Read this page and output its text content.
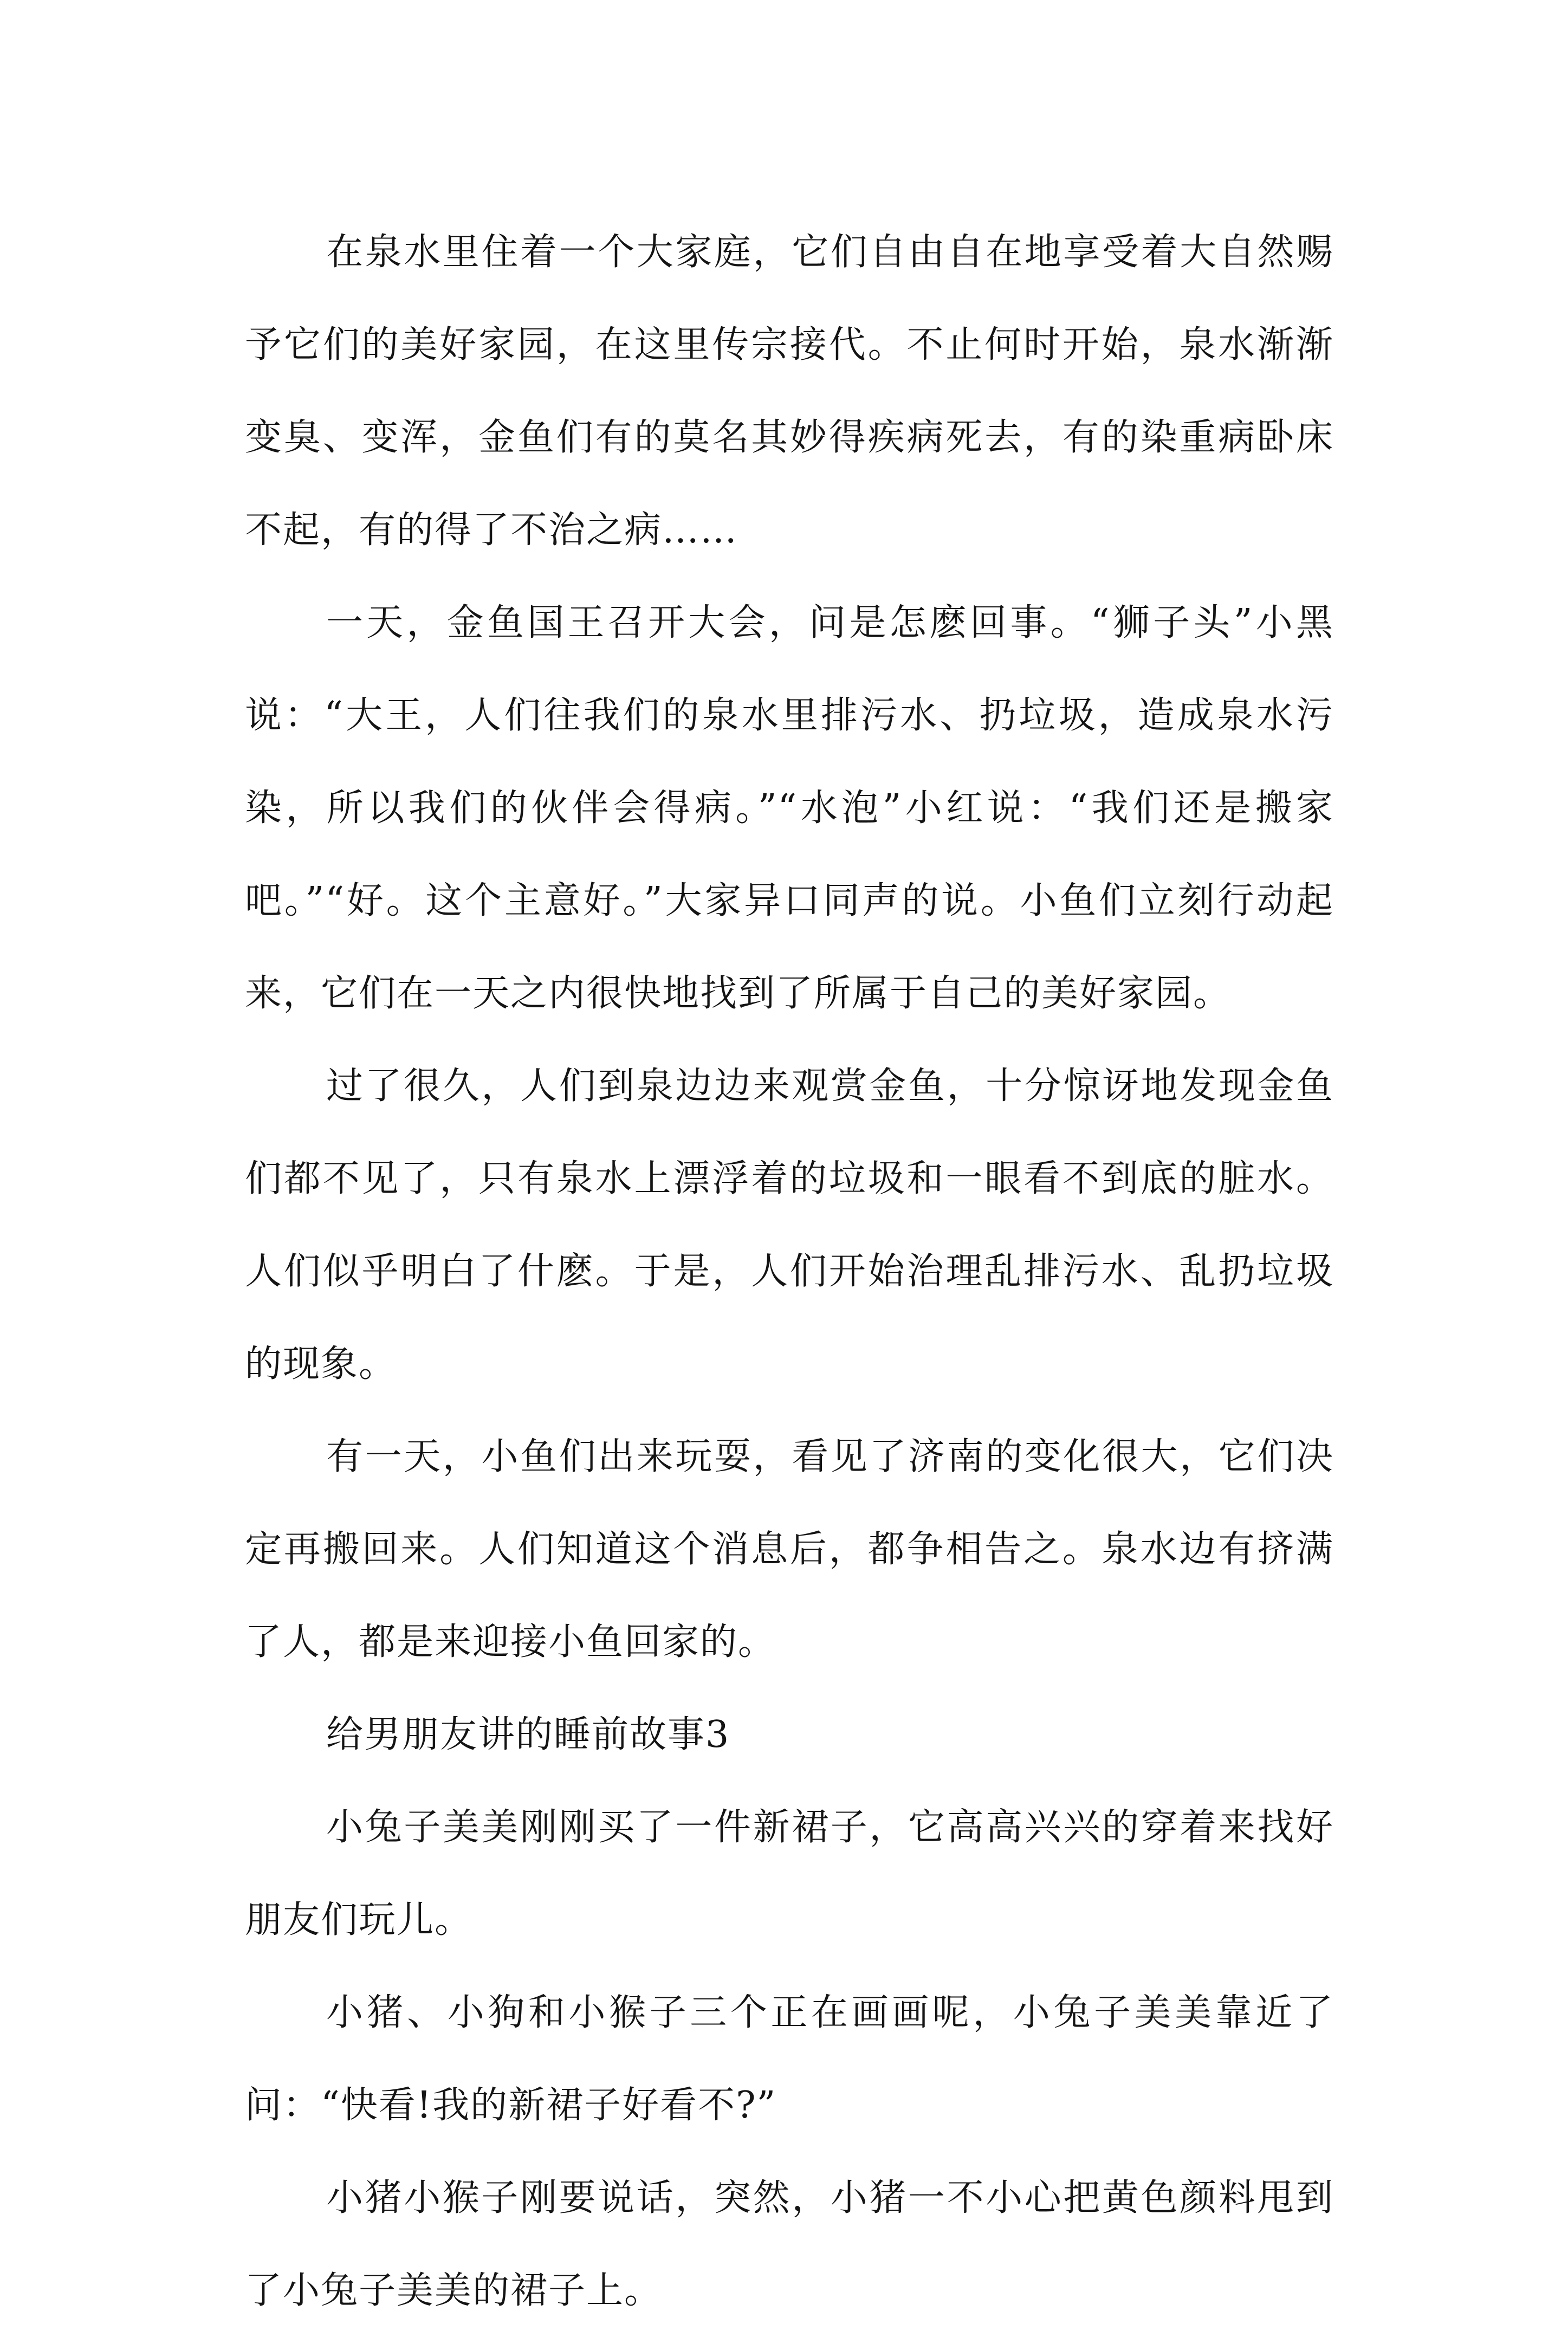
在泉水里住着一个大家庭，它们自由自在地享受着大自然赐予它们的美好家园，在这里传宗接代。不止何时开始，泉水渐渐变臭、变浑，金鱼们有的莫名其妙得疾病死去，有的染重病卧床不起，有的得了不治之病……

一天，金鱼国王召开大会，问是怎麽回事。“狮子头”小黑说：“大王，人们往我们的泉水里排污水、扔垃圾，造成泉水污染，所以我们的伙伴会得病。”“水泡”小红说：“我们还是搬家吧。”“好。这个主意好。”大家异口同声的说。小鱼们立刻行动起来，它们在一天之内很快地找到了所属于自己的美好家园。

过了很久，人们到泉边边来观赏金鱼，十分惊讶地发现金鱼们都不见了，只有泉水上漂浮着的垃圾和一眼看不到底的脏水。人们似乎明白了什麽。于是，人们开始治理乱排污水、乱扔垃圾的现象。

有一天，小鱼们出来玩耍，看见了济南的变化很大，它们决定再搬回来。人们知道这个消息后，都争相告之。泉水边有挤满了人，都是来迎接小鱼回家的。

给男朋友讲的睡前故事3

小兔子美美刚刚买了一件新裙子，它高高兴兴的穿着来找好朋友们玩儿。

小猪、小狗和小猴子三个正在画画呢，小兔子美美靠近了问：“快看!我的新裙子好看不?”

小猪小猴子刚要说话，突然，小猪一不小心把黄色颜料甩到了小兔子美美的裙子上。
